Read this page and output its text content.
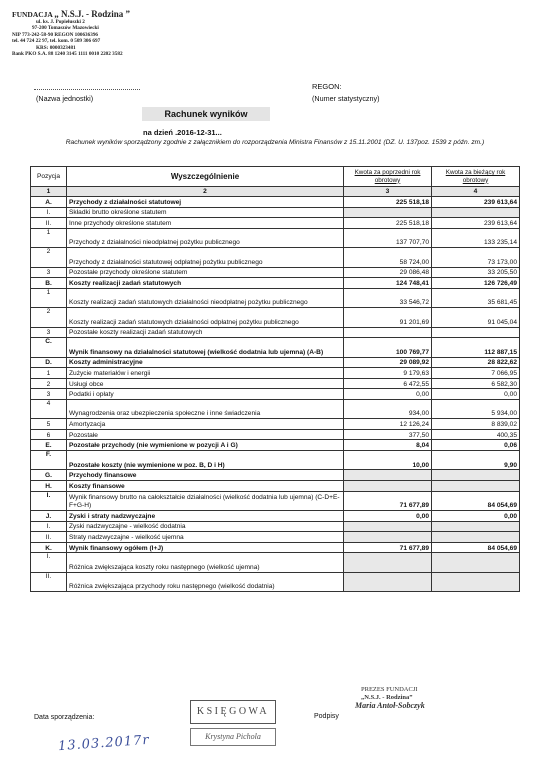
FUNDACJA „ N.S.J. - Rodzina ”
ul. ks. J. Popiełuszki 2
97-200 Tomaszów Mazowiecki
NIP 773-242-58-90 REGON 100636396
tel. 44 724 22 97, tel. kom. 0 509 306 697
KRS: 0000323481
Bank PKO S.A. 88 1240 3145 1111 0010 2202 3582
(Nazwa jednostki)
REGON:
(Numer statystyczny)
Rachunek wyników
na dzień .2016-12-31...
Rachunek wyników sporządzony zgodnie z załącznikiem do rozporządzenia Ministra Finansów z 15.11.2001 (DZ. U. 137poz. 1539 z późn. zm.)
Pozycja	Wyszczególnienie	Kwota za poprzedni rok obrotowy	Kwota za bieżący rok obrotowy
1	2	3	4
A.	Przychody z działalności statutowej	225 518,18	239 613,64
I.	Składki brutto określone statutem		
II.	Inne przychody określone statutem	225 518,18	239 613,64
1	Przychody z działalności nieodpłatnej pożytku publicznego	137 707,70	133 235,14
2	Przychody z działalności statutowej odpłatnej pożytku publicznego	58 724,00	73 173,00
3	Pozostałe przychody określone statutem	29 086,48	33 205,50
B.	Koszty realizacji zadań statutowych	124 748,41	126 726,49
1	Koszty realizacji zadań statutowych działalności nieodpłatnej pożytku publicznego	33 546,72	35 681,45
2	Koszty realizacji zadań statutowych działalności odpłatnej pożytku publicznego	91 201,69	91 045,04
3	Pozostałe koszty realizacji zadań statutowych		
C.	Wynik finansowy na działalności statutowej (wielkość dodatnia lub ujemna) (A-B)	100 769,77	112 887,15
D.	Koszty administracyjne	29 089,92	28 822,62
1	Zużycie materiałów i energii	9 179,63	7 066,95
2	Usługi obce	6 472,55	6 582,30
3	Podatki i opłaty	0,00	0,00
4	Wynagrodzenia oraz ubezpieczenia społeczne i inne świadczenia	934,00	5 934,00
5	Amortyzacja	12 126,24	8 839,02
6	Pozostałe	377,50	400,35
E.	Pozostałe przychody (nie wymienione w pozycji A i G)	8,04	0,06
F.	Pozostałe koszty (nie wymienione w poz. B, D i H)	10,00	9,90
G.	Przychody finansowe		
H.	Koszty finansowe		
I.	Wynik finansowy brutto na całokształcie działalności (wielkość dodatnia lub ujemna) (C-D+E-F+G-H)	71 677,89	84 054,69
J.	Zyski i straty nadzwyczajne	0,00	0,00
I.	Zyski nadzwyczajne - wielkość dodatnia		
II.	Straty nadzwyczajne - wielkość ujemna		
K.	Wynik finansowy ogółem (I+J)	71 677,89	84 054,69
I.	Różnica zwiększająca koszty roku następnego (wielkość ujemna)		
II.	Różnica zwiększająca przychody roku następnego (wielkość dodatnia)		
Data sporządzenia:
13.03.2017r
KSIĘGOWA
Krystyna Pichola
Podpisy
PREZES FUNDACJI
„N.S.J. - Rodzina”
Maria Antoł-Sobczyk
